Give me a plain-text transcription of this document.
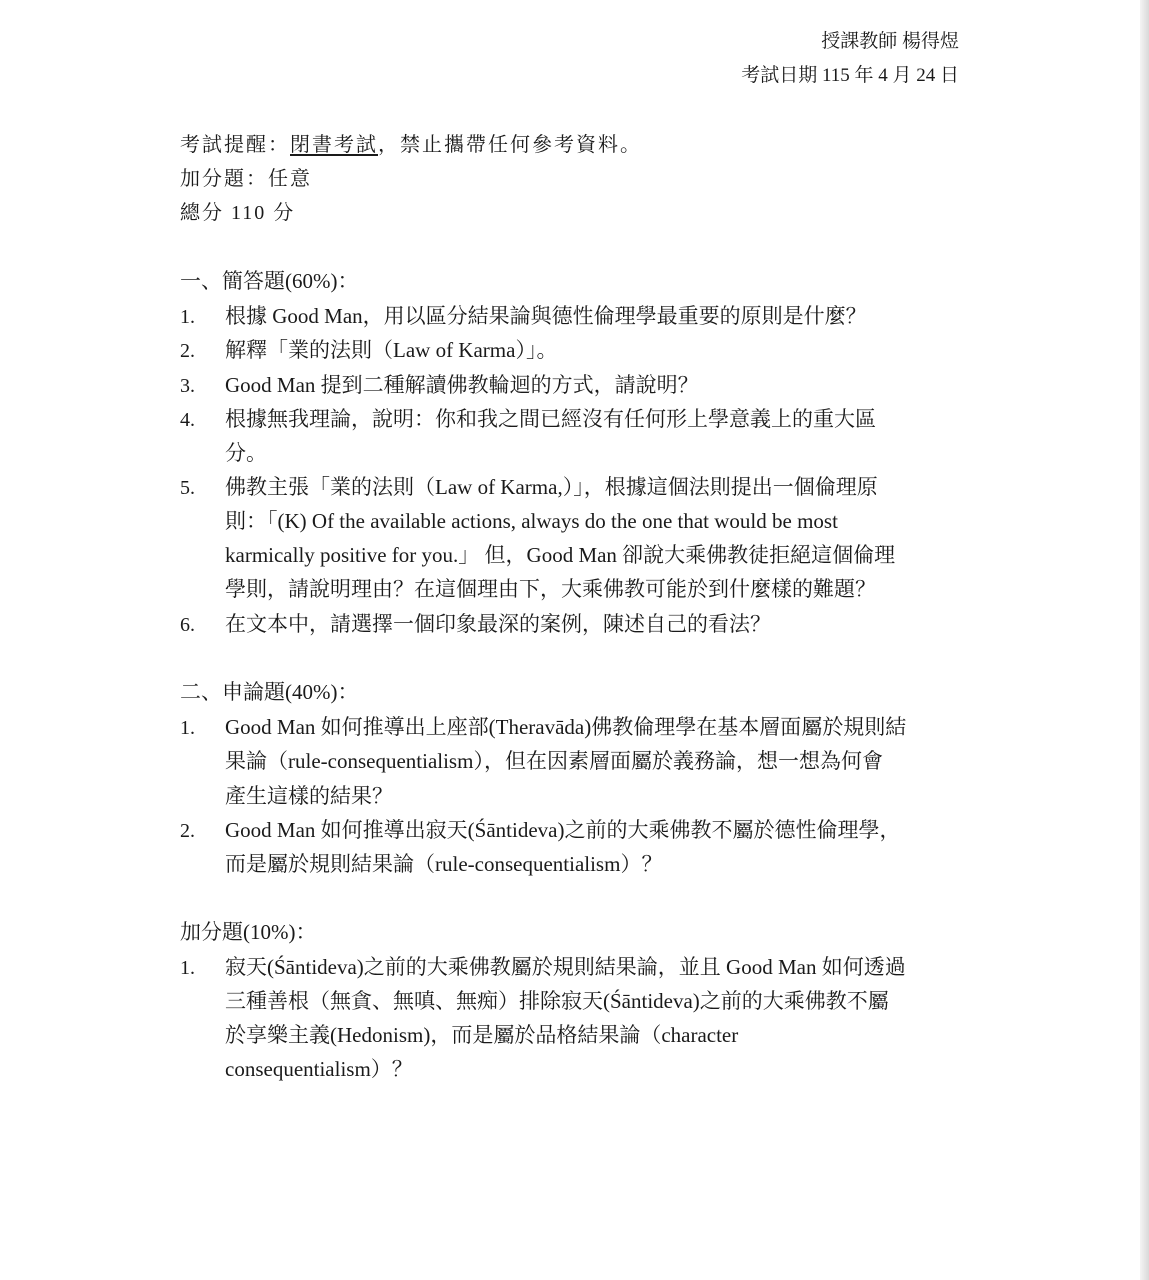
授課教師 楊得煜
考試日期 115 年 4 月 24 日
考試提醒：閉書考試，禁止攜帶任何參考資料。
加分題：任意
總分 110 分
一、簡答題(60%)：
1. 根據 Good Man，用以區分結果論與德性倫理學最重要的原則是什麼？
2. 解釋「業的法則（Law of Karma）」。
3. Good Man 提到二種解讀佛教輪迴的方式，請說明？
4. 根據無我理論，說明：你和我之間已經沒有任何形上學意義上的重大區
分。
5. 佛教主張「業的法則（Law of Karma,）」，根據這個法則提出一個倫理原
則：「(K) Of the available actions, always do the one that would be most
karmically positive for you.」 但，Good Man 卻說大乘佛教徒拒絕這個倫理
學則，請說明理由？在這個理由下，大乘佛教可能於到什麼樣的難題？
6. 在文本中，請選擇一個印象最深的案例，陳述自己的看法？
二、申論題(40%)：
1. Good Man 如何推導出上座部(Theravāda)佛教倫理學在基本層面屬於規則結
果論（rule-consequentialism），但在因素層面屬於義務論，想一想為何會
產生這樣的結果？
2. Good Man 如何推導出寂天(Śāntideva)之前的大乘佛教不屬於德性倫理學，
而是屬於規則結果論（rule-consequentialism）？
加分題(10%)：
1. 寂天(Śāntideva)之前的大乘佛教屬於規則結果論，並且 Good Man 如何透過
三種善根（無貪、無嗔、無痴）排除寂天(Śāntideva)之前的大乘佛教不屬
於享樂主義(Hedonism)，而是屬於品格結果論（character
consequentialism）？
